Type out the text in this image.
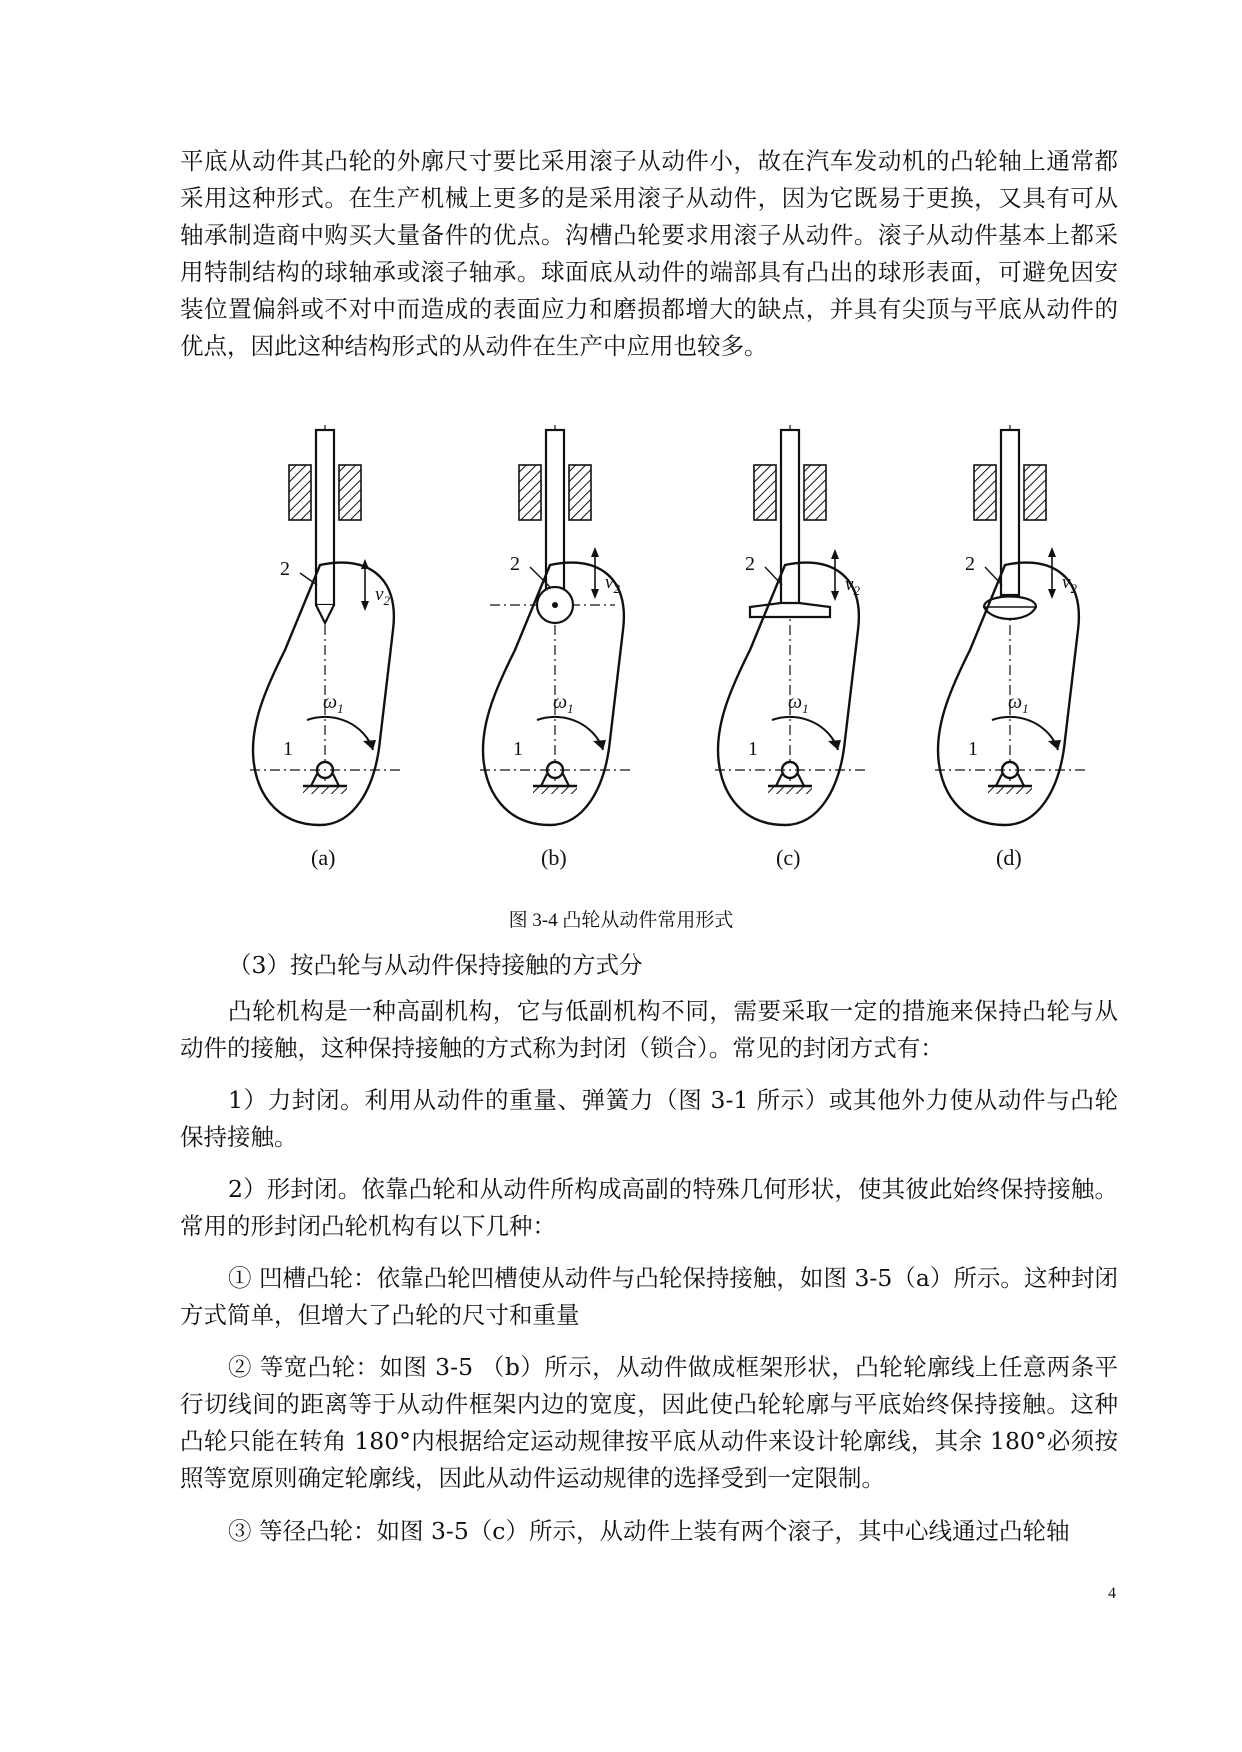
平底从动件其凸轮的外廓尺寸要比采用滚子从动件小，故在汽车发动机的凸轮轴上通常都采用这种形式。在生产机械上更多的是采用滚子从动件，因为它既易于更换，又具有可从轴承制造商中购买大量备件的优点。沟槽凸轮要求用滚子从动件。滚子从动件基本上都采用特制结构的球轴承或滚子轴承。球面底从动件的端部具有凸出的球形表面，可避免因安装位置偏斜或不对中而造成的表面应力和磨损都增大的缺点，并具有尖顶与平底从动件的优点，因此这种结构形式的从动件在生产中应用也较多。

2
$v_2$
$\omega_1$
1
(a)
2
$v_2$
$\omega_1$
1
(b)
2
$v_2$
$\omega_1$
1
(c)
2
$v_2$
$\omega_1$
1
(d)
图 3-4 凸轮从动件常用形式

（3）按凸轮与从动件保持接触的方式分

凸轮机构是一种高副机构，它与低副机构不同，需要采取一定的措施来保持凸轮与从动件的接触，这种保持接触的方式称为封闭（锁合）。常见的封闭方式有：

1）力封闭。利用从动件的重量、弹簧力（图 3-1 所示）或其他外力使从动件与凸轮保持接触。

2）形封闭。依靠凸轮和从动件所构成高副的特殊几何形状，使其彼此始终保持接触。常用的形封闭凸轮机构有以下几种：

① 凹槽凸轮：依靠凸轮凹槽使从动件与凸轮保持接触，如图 3-5（a）所示。这种封闭方式简单，但增大了凸轮的尺寸和重量

② 等宽凸轮：如图 3-5 （b）所示，从动件做成框架形状，凸轮轮廓线上任意两条平行切线间的距离等于从动件框架内边的宽度，因此使凸轮轮廓与平底始终保持接触。这种凸轮只能在转角 180°内根据给定运动规律按平底从动件来设计轮廓线，其余 180°必须按照等宽原则确定轮廓线，因此从动件运动规律的选择受到一定限制。

③ 等径凸轮：如图 3-5（c）所示，从动件上装有两个滚子，其中心线通过凸轮轴

4
